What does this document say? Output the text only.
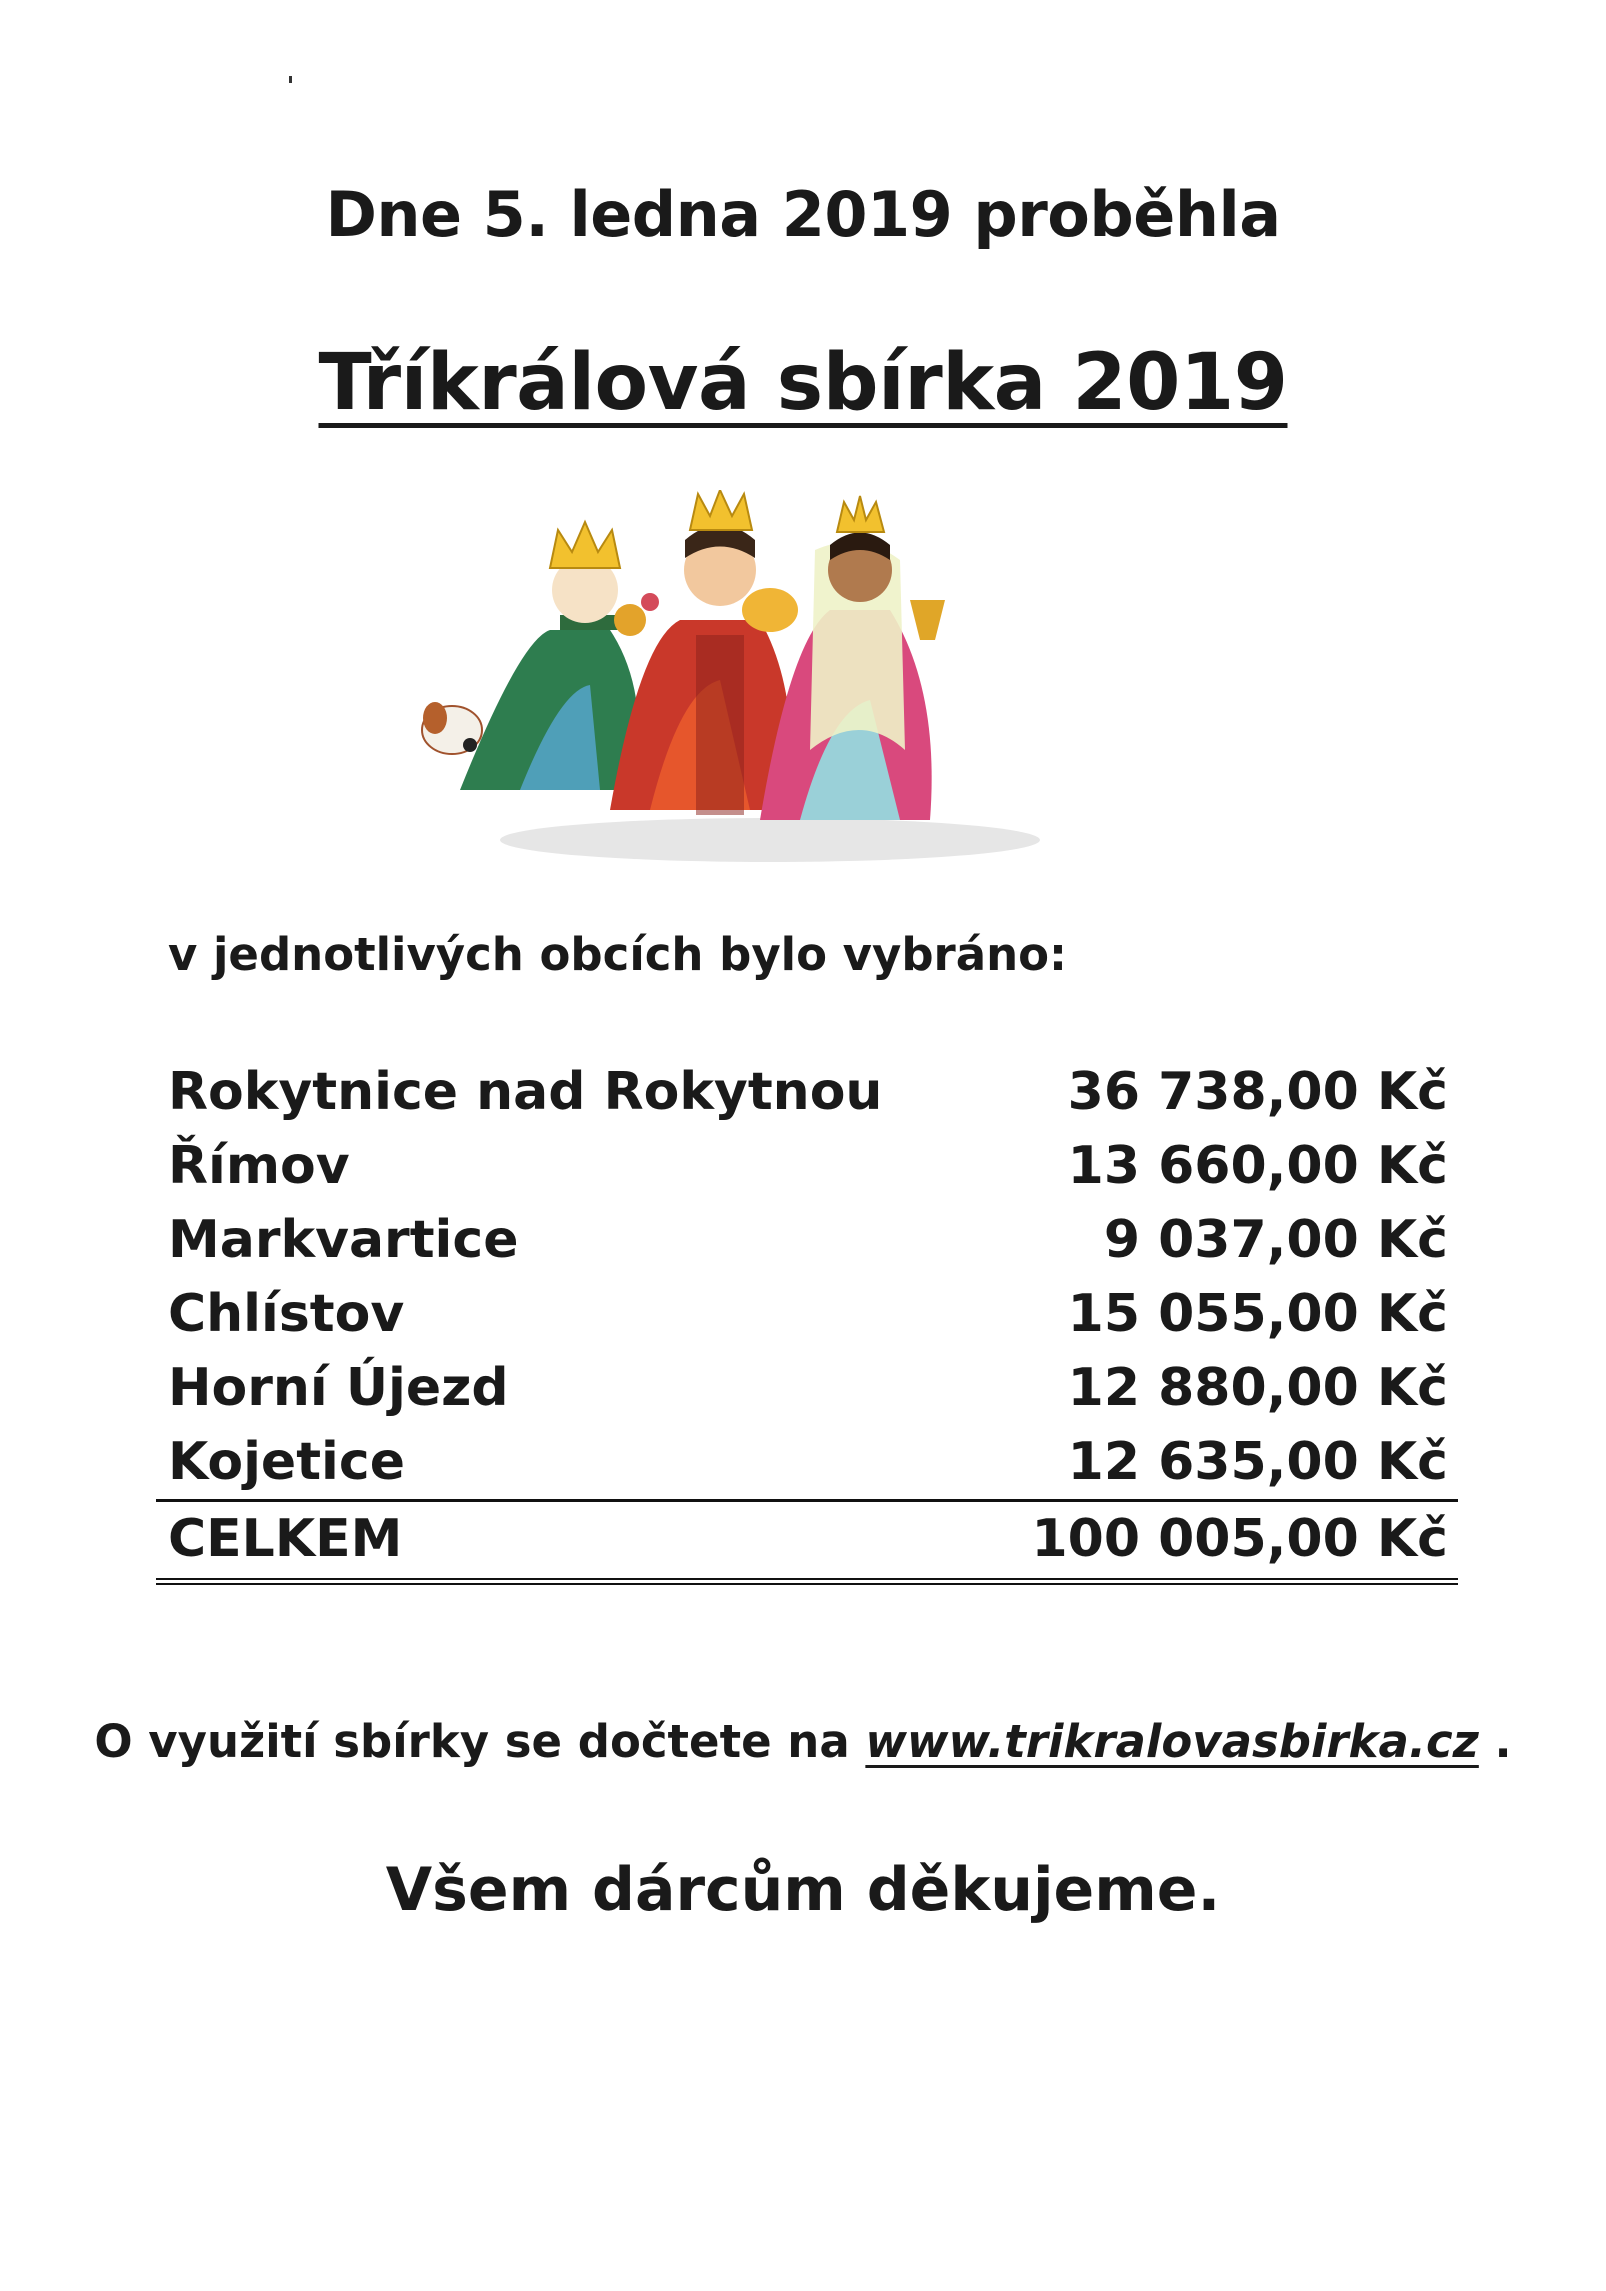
Dne 5. ledna 2019 proběhla
Tříkrálová sbírka 2019
v jednotlivých obcích bylo vybráno:
Rokytnice nad Rokytnou	36 738,00 Kč
Římov	13 660,00 Kč
Markvartice	9 037,00 Kč
Chlístov	15 055,00 Kč
Horní Újezd	12 880,00 Kč
Kojetice	12 635,00 Kč
CELKEM	100 005,00 Kč
O využití sbírky se dočtete na www.trikralovasbirka.cz .
Všem dárcům děkujeme.
